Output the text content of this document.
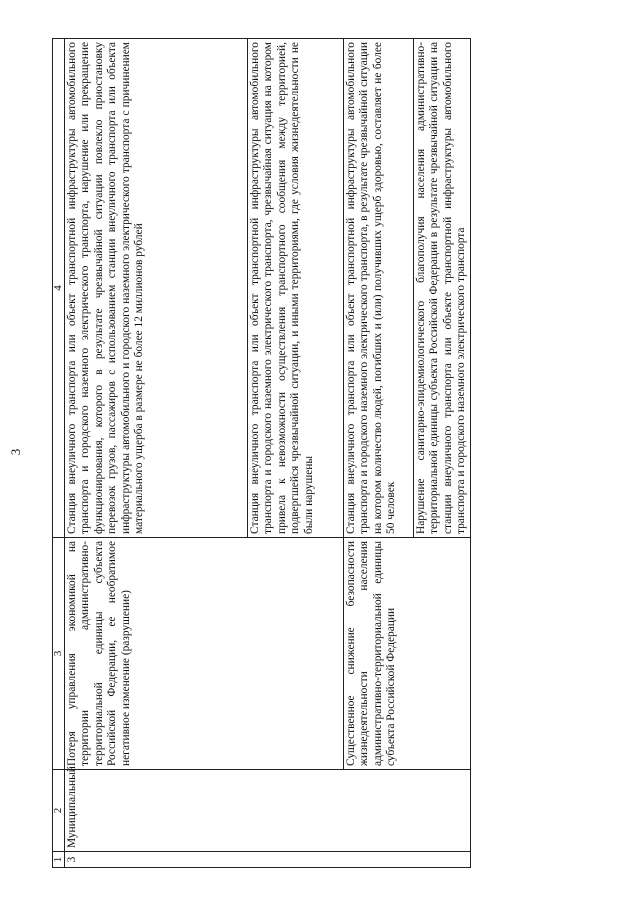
3
1	2	3	4
3	Муниципальный	Потеря управления экономикой на территории административно-территориальной единицы субъекта Российской Федерации, ее необратимое негативное изменение (разрушение)	Станция внеуличного транспорта или объект транспортной инфраструктуры автомобильного транспорта и городского наземного электрического транспорта, нарушение или прекращение функционирования, которого в результате чрезвычайной ситуации повлекло приостановку перевозок грузов, пассажиров с использованием станции внеуличного транспорта или объекта инфраструктуры автомобильного и городского наземного электрического транспорта с причинением материального ущерба в размере не более 12 миллионов рублей
			Станция внеуличного транспорта или объект транспортной инфраструктуры автомобильного транспорта и городского наземного электрического транспорта, чрезвычайная ситуация на котором привела к невозможности осуществления транспортного сообщения между территорией, подвергшейся чрезвычайной ситуации, и иными территориями, где условия жизнедеятельности не были нарушены
		Существенное снижение безопасности жизнедеятельности населения административно-территориальной единицы субъекта Российской Федерации	Станция внеуличного транспорта или объект транспортной инфраструктуры автомобильного транспорта и городского наземного электрического транспорта, в результате чрезвычайной ситуации на котором количество людей, погибших и (или) получивших ущерб здоровью, составляет не более 50 человек
			Нарушение санитарно-эпидемиологического благополучия населения административно-территориальной единицы субъекта Российской Федерации в результате чрезвычайной ситуации на станции внеуличного транспорта или объекте транспортной инфраструктуры автомобильного транспорта и городского наземного электрического транспорта
